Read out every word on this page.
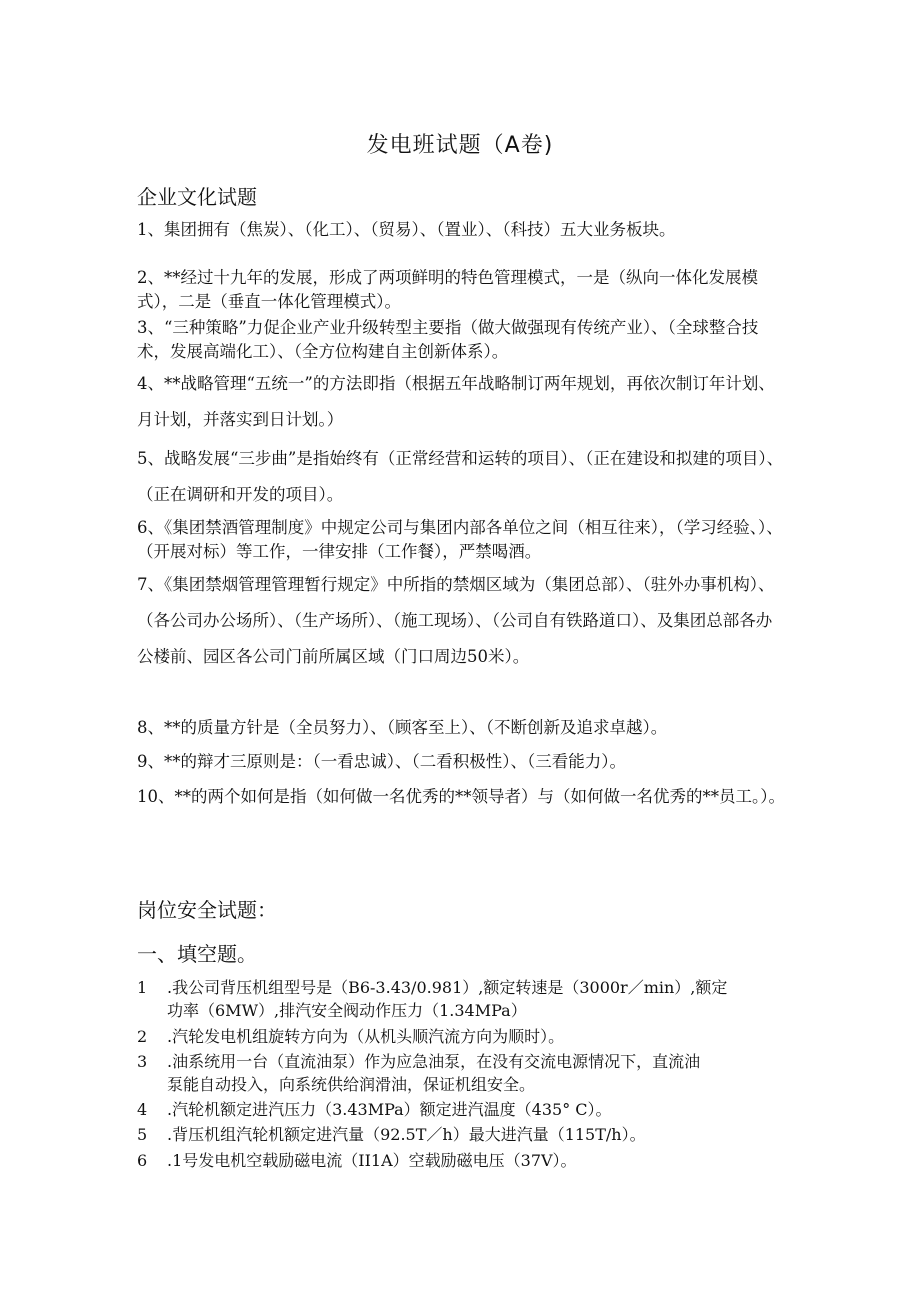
发电班试题（A卷)
企业文化试题
1、集团拥有（焦炭）、（化工）、（贸易）、（置业）、（科技）五大业务板块。
2、**经过十九年的发展，形成了两项鲜明的特色管理模式，一是（纵向一体化发展模式），二是（垂直一体化管理模式）。
3、“三种策略”力促企业产业升级转型主要指（做大做强现有传统产业）、（全球整合技术，发展高端化工）、（全方位构建自主创新体系）。
4、**战略管理“五统一”的方法即指（根据五年战略制订两年规划，再依次制订年计划、月计划，并落实到日计划。）
5、战略发展“三步曲”是指始终有（正常经营和运转的项目）、（正在建设和拟建的项目）、（正在调研和开发的项目）。
6、《集团禁酒管理制度》中规定公司与集团内部各单位之间（相互往来），（学习经验、）、（开展对标）等工作，一律安排（工作餐），严禁喝酒。
7、《集团禁烟管理管理暂行规定》中所指的禁烟区域为（集团总部）、（驻外办事机构）、（各公司办公场所）、（生产场所）、（施工现场）、（公司自有铁路道口）、及集团总部各办公楼前、园区各公司门前所属区域（门口周边50米）。
8、**的质量方针是（全员努力）、（顾客至上）、（不断创新及追求卓越）。
9、**的辩才三原则是：（一看忠诚）、（二看积极性）、（三看能力）。
10、**的两个如何是指（如何做一名优秀的**领导者）与（如何做一名优秀的**员工。）。
岗位安全试题：
一、填空题。
1 .我公司背压机组型号是（B6-3.43/0.981）,额定转速是（3000r／min）,额定
功率（6MW）,排汽安全阀动作压力（1.34MPa）
2 .汽轮发电机组旋转方向为（从机头顺汽流方向为顺时）。
3 .油系统用一台（直流油泵）作为应急油泵，在没有交流电源情况下，直流油
泵能自动投入，向系统供给润滑油，保证机组安全。
4 .汽轮机额定进汽压力（3.43MPa）额定进汽温度（435° C）。
5 .背压机组汽轮机额定进汽量（92.5T／h）最大进汽量（115T/h）。
6 .1号发电机空载励磁电流（II1A）空载励磁电压（37V）。
